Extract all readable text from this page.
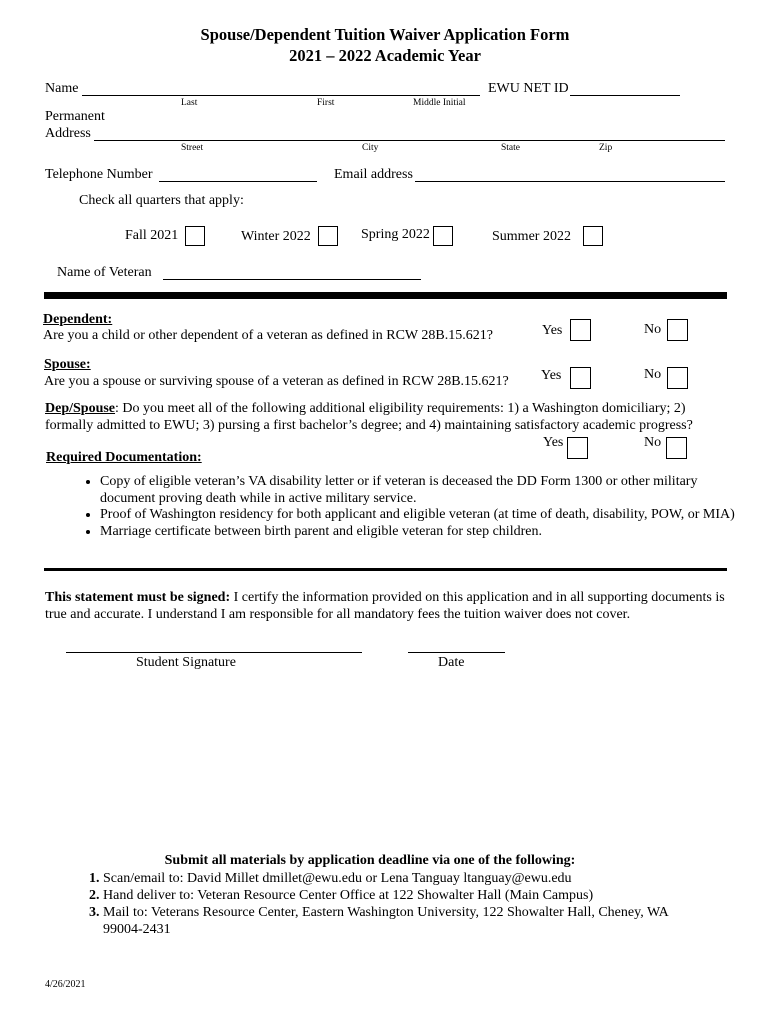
Spouse/Dependent Tuition Waiver Application Form
2021 – 2022 Academic Year
Name	EWU NET ID
Last	First	Middle Initial
Permanent
Address
Street	City	State	Zip
Telephone Number	Email address
Check all quarters that apply:
Fall 2021	Winter 2022	Spring 2022	Summer 2022
Name of Veteran
Dependent:
Are you a child or other dependent of a veteran as defined in RCW 28B.15.621?	Yes	No
Spouse:
Are you a spouse or surviving spouse of a veteran as defined in RCW 28B.15.621? Yes	No
Dep/Spouse: Do you meet all of the following additional eligibility requirements: 1) a Washington domiciliary; 2) formally admitted to EWU; 3) pursing a first bachelor’s degree; and 4) maintaining satisfactory academic progress?
Yes	No
Required Documentation:
• Copy of eligible veteran’s VA disability letter or if veteran is deceased the DD Form 1300 or other military document proving death while in active military service.
• Proof of Washington residency for both applicant and eligible veteran (at time of death, disability, POW, or MIA)
• Marriage certificate between birth parent and eligible veteran for step children.
This statement must be signed: I certify the information provided on this application and in all supporting documents is true and accurate. I understand I am responsible for all mandatory fees the tuition waiver does not cover.
Student Signature	Date
Submit all materials by application deadline via one of the following:
1. Scan/email to: David Millet dmillet@ewu.edu or Lena Tanguay ltanguay@ewu.edu
2. Hand deliver to: Veteran Resource Center Office at 122 Showalter Hall (Main Campus)
3. Mail to: Veterans Resource Center, Eastern Washington University, 122 Showalter Hall, Cheney, WA 99004-2431
4/26/2021
